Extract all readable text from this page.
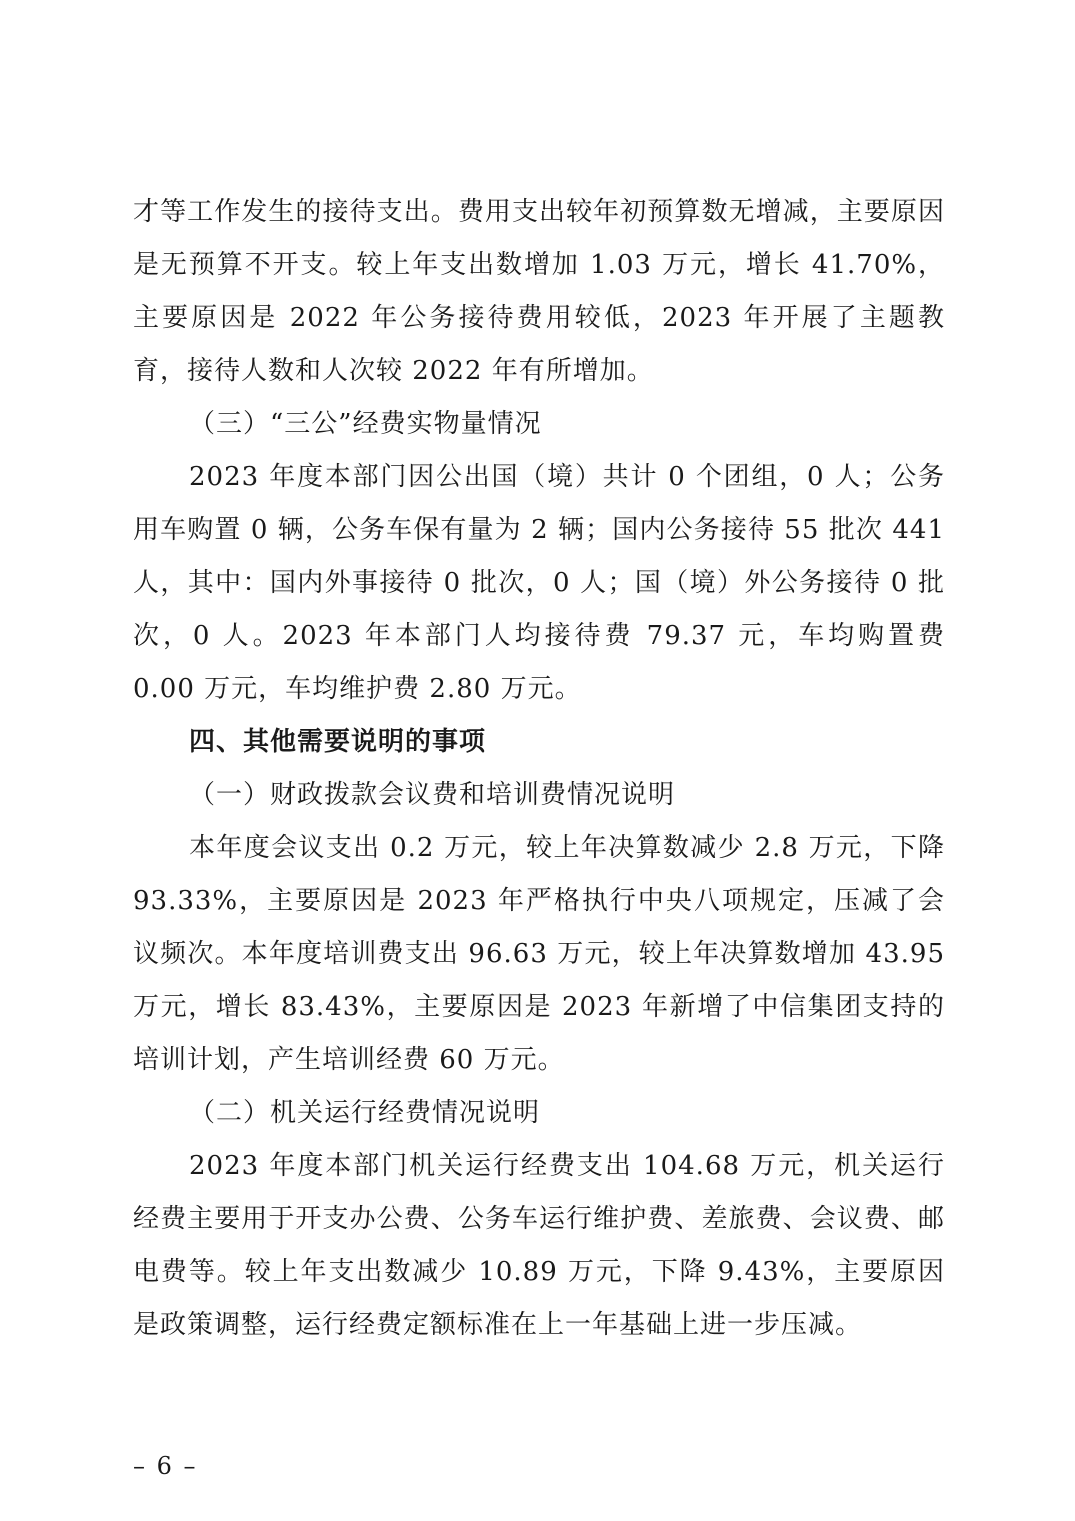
才等工作发生的接待支出。费用支出较年初预算数无增减，主要原因是无预算不开支。较上年支出数增加 1.03 万元，增长 41.70%，主要原因是 2022 年公务接待费用较低，2023 年开展了主题教育，接待人数和人次较 2022 年有所增加。

（三）“三公”经费实物量情况

2023 年度本部门因公出国（境）共计 0 个团组，0 人；公务用车购置 0 辆，公务车保有量为 2 辆；国内公务接待 55 批次 441 人，其中：国内外事接待 0 批次，0 人；国（境）外公务接待 0 批次，0 人。2023 年本部门人均接待费 79.37 元，车均购置费 0.00 万元，车均维护费 2.80 万元。

四、其他需要说明的事项

（一）财政拨款会议费和培训费情况说明

本年度会议支出 0.2 万元，较上年决算数减少 2.8 万元，下降 93.33%，主要原因是 2023 年严格执行中央八项规定，压减了会议频次。本年度培训费支出 96.63 万元，较上年决算数增加 43.95 万元，增长 83.43%，主要原因是 2023 年新增了中信集团支持的培训计划，产生培训经费 60 万元。

（二）机关运行经费情况说明

2023 年度本部门机关运行经费支出 104.68 万元，机关运行经费主要用于开支办公费、公务车运行维护费、差旅费、会议费、邮电费等。较上年支出数减少 10.89 万元，下降 9.43%，主要原因是政策调整，运行经费定额标准在上一年基础上进一步压减。

– 6 –
